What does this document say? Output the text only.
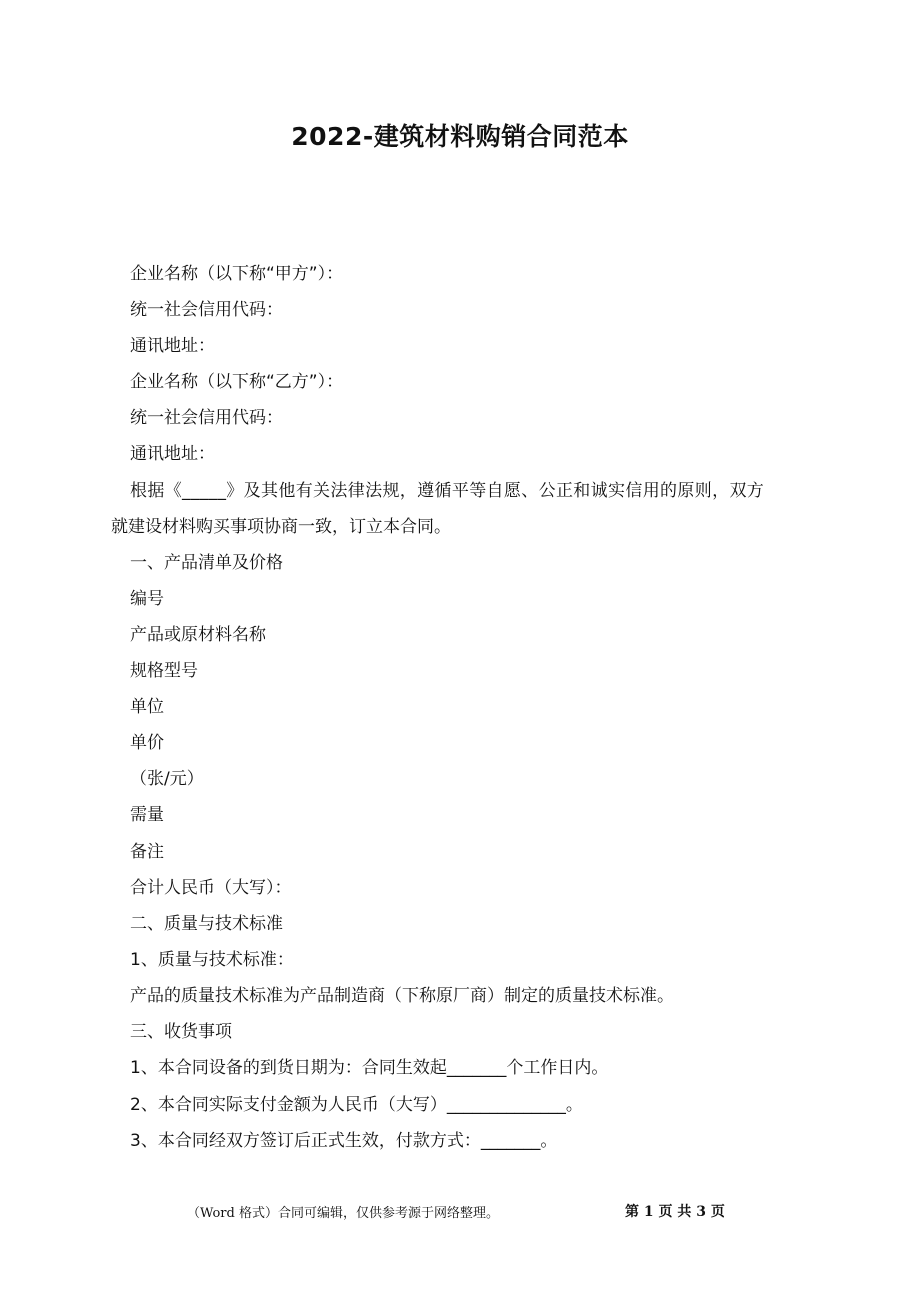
2022-建筑材料购销合同范本
企业名称（以下称“甲方”）：
统一社会信用代码：
通讯地址：
企业名称（以下称“乙方”）：
统一社会信用代码：
通讯地址：
根据《_____》及其他有关法律法规，遵循平等自愿、公正和诚实信用的原则，双方
就建设材料购买事项协商一致，订立本合同。
一、产品清单及价格
编号
产品或原材料名称
规格型号
单位
单价
（张/元）
需量
备注
合计人民币（大写）：
二、质量与技术标准
1、质量与技术标准：
产品的质量技术标准为产品制造商（下称原厂商）制定的质量技术标准。
三、收货事项
1、本合同设备的到货日期为：合同生效起_______个工作日内。
2、本合同实际支付金额为人民币（大写）______________。
3、本合同经双方签订后正式生效，付款方式：_______。
（Word 格式）合同可编辑，仅供参考源于网络整理。	第 1 页 共 3 页
